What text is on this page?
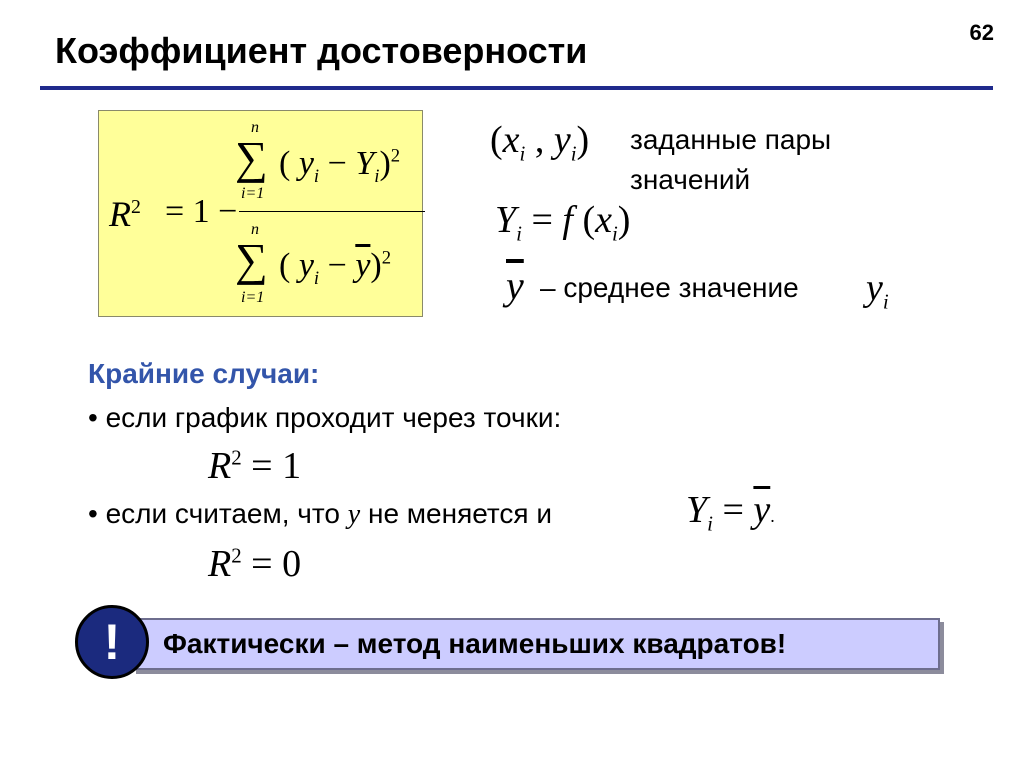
62
Коэффициент достоверности
$R^2 = 1$ −
n
∑
i=1
( $y_i - Y_i)^2$
n
∑
i=1
( $y_i - \overline{y})^2$
($x_i$ , $y_i$) заданные пары
значений
$Y_i = f$ $(x_i)$
$\overline{y}$ – среднее значение $y_i$
Крайние случаи:
• если график проходит через точки:
$R^2 = 1$
• если считаем, что y не меняется и	$Y_i = \overline{y}$.
$R^2 = 0$
Фактически – метод наименьших квадратов!
!
